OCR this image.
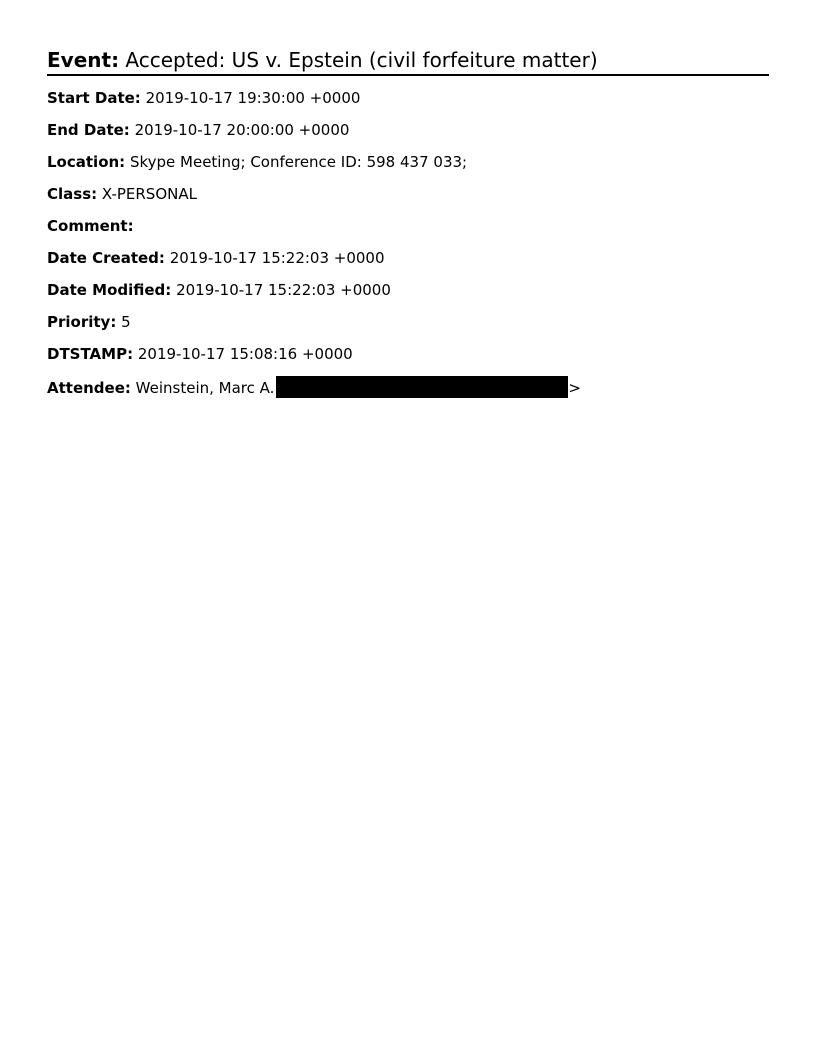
Event: Accepted: US v. Epstein (civil forfeiture matter)
Start Date: 2019-10-17 19:30:00 +0000
End Date: 2019-10-17 20:00:00 +0000
Location: Skype Meeting; Conference ID: 598 437 033;
Class: X-PERSONAL
Comment:
Date Created: 2019-10-17 15:22:03 +0000
Date Modified: 2019-10-17 15:22:03 +0000
Priority: 5
DTSTAMP: 2019-10-17 15:08:16 +0000
Attendee: Weinstein, Marc A.	>
